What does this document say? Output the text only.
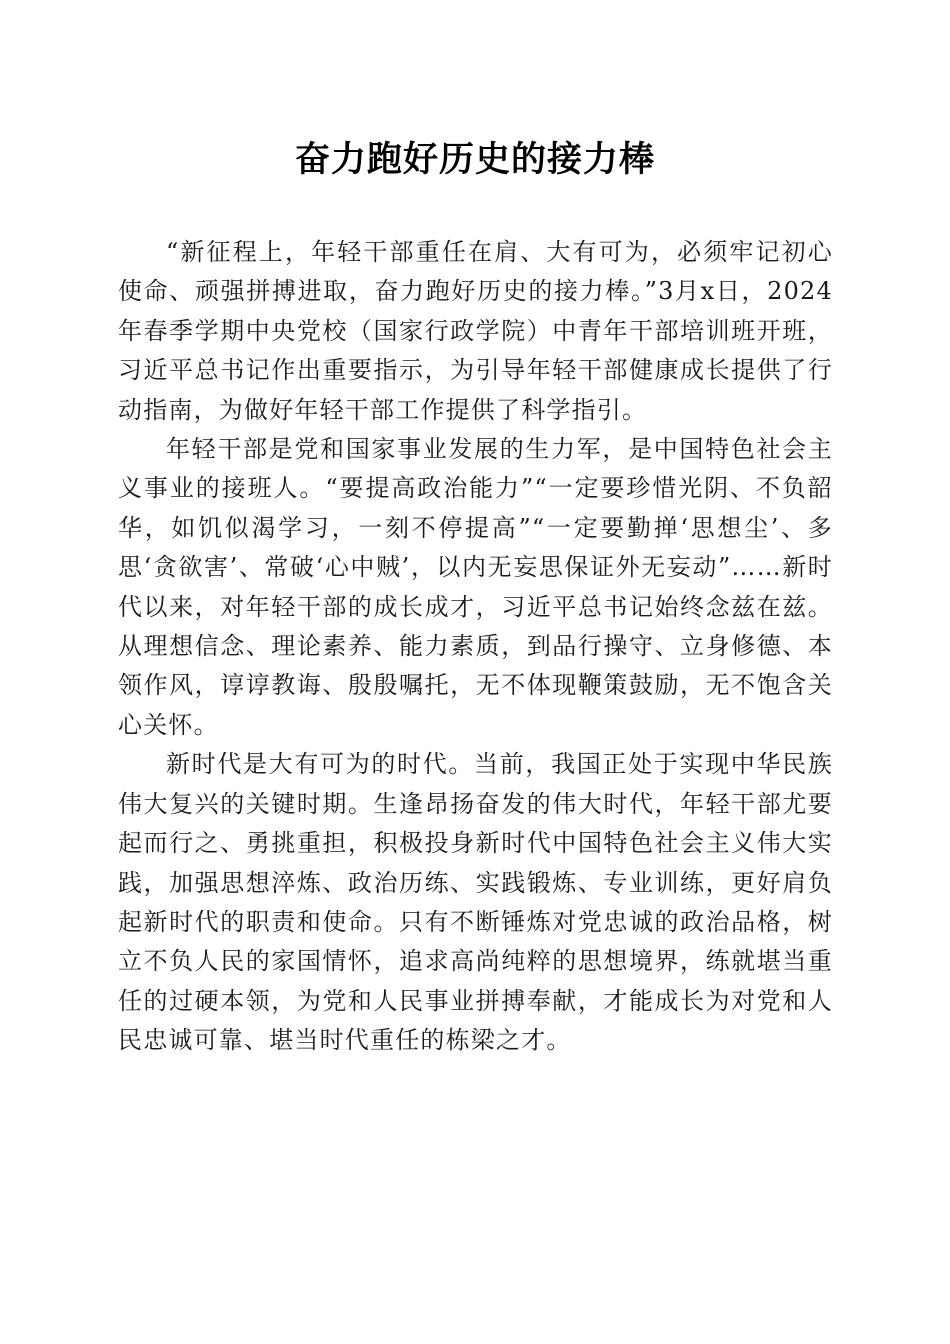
奋力跑好历史的接力棒

“新征程上，年轻干部重任在肩、大有可为，必须牢记初心使命、顽强拼搏进取，奋力跑好历史的接力棒。”3月x日，2024年春季学期中央党校（国家行政学院）中青年干部培训班开班，习近平总书记作出重要指示，为引导年轻干部健康成长提供了行动指南，为做好年轻干部工作提供了科学指引。

年轻干部是党和国家事业发展的生力军，是中国特色社会主义事业的接班人。“要提高政治能力”“一定要珍惜光阴、不负韶华，如饥似渴学习，一刻不停提高”“一定要勤掸‘思想尘’、多思‘贪欲害’、常破‘心中贼’，以内无妄思保证外无妄动”……新时代以来，对年轻干部的成长成才，习近平总书记始终念兹在兹。从理想信念、理论素养、能力素质，到品行操守、立身修德、本领作风，谆谆教诲、殷殷嘱托，无不体现鞭策鼓励，无不饱含关心关怀。

新时代是大有可为的时代。当前，我国正处于实现中华民族伟大复兴的关键时期。生逢昂扬奋发的伟大时代，年轻干部尤要起而行之、勇挑重担，积极投身新时代中国特色社会主义伟大实践，加强思想淬炼、政治历练、实践锻炼、专业训练，更好肩负起新时代的职责和使命。只有不断锤炼对党忠诚的政治品格，树立不负人民的家国情怀，追求高尚纯粹的思想境界，练就堪当重任的过硬本领，为党和人民事业拼搏奉献，才能成长为对党和人民忠诚可靠、堪当时代重任的栋梁之才。
